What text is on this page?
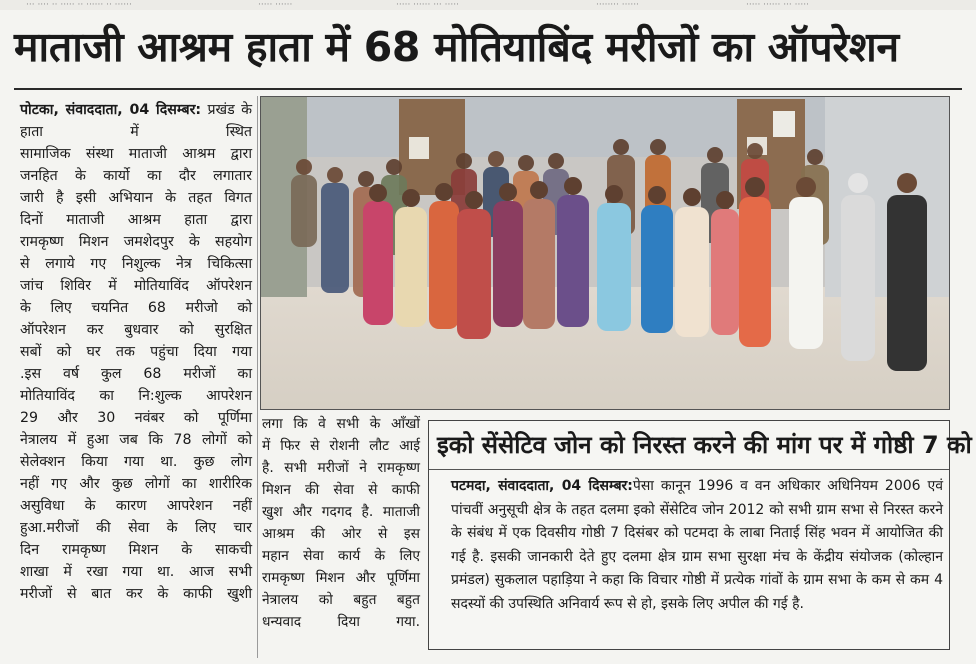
··· ···· ·· ····· ·· ······ ·· ······	····· ······	····· ······ ··· ·····	········ ······	····· ······ ··· ·····
माताजी आश्रम हाता में 68 मोतियाबिंद मरीजों का ऑपरेशन
पोटका, संवाददाता, 04 दिसम्बर: प्रखंड के हाता में स्थित
सामाजिक संस्था माताजी आश्रम द्वारा
जनहित के कार्यो का दौर लगातार
जारी है इसी अभियान के तहत विगत
दिनों माताजी आश्रम हाता द्वारा
रामकृष्ण मिशन जमशेदपुर के सहयोग
से लगाये गए निशुल्क नेत्र चिकित्सा
जांच शिविर में मोतियाविंद ऑपरेशन
के लिए चयनित 68 मरीजो को
ऑपरेशन कर बुधवार को सुरक्षित
सबों को घर तक पहुंचा दिया गया
.इस वर्ष कुल 68 मरीजों का
मोतियाविंद का नि:शुल्क आपरेशन
29 और 30 नवंबर को पूर्णिमा
नेत्रालय में हुआ जब कि 78 लोगों को
सेलेक्शन किया गया था. कुछ लोग
नहीं गए और कुछ लोगों का शारीरिक
असुविधा के कारण आपरेशन नहीं
हुआ.मरीजों की सेवा के लिए चार
दिन रामकृष्ण मिशन के साकची
शाखा में रखा गया था. आज सभी
मरीजों से बात कर के काफी खुशी
लगा कि वे सभी के आँखों
में फिर से रोशनी लौट आई
है. सभी मरीजों ने रामकृष्ण
मिशन की सेवा से काफी
खुश और गदगद है. माताजी
आश्रम की ओर से इस
महान सेवा कार्य के लिए
रामकृष्ण मिशन और पूर्णिमा
नेत्रालय को बहुत बहुत
धन्यवाद दिया गया.
इको सेंसेटिव जोन को निरस्त करने की मांग पर में गोष्ठी 7 को
पटमदा, संवाददाता, 04 दिसम्बर:पेसा कानून 1996 व वन अधिकार अधिनियम 2006 एवं पांचवीं अनुसूची क्षेत्र के तहत दलमा इको सेंसेटिव जोन 2012 को सभी ग्राम सभा से निरस्त करने के संबंध में एक दिवसीय गोष्ठी 7 दिसंबर को पटमदा के लाबा निताई सिंह भवन में आयोजित की गई है. इसकी जानकारी देते हुए दलमा क्षेत्र ग्राम सभा सुरक्षा मंच के केंद्रीय संयोजक (कोल्हान प्रमंडल) सुकलाल पहाड़िया ने कहा कि विचार गोष्ठी में प्रत्येक गांवों के ग्राम सभा के कम से कम 4 सदस्यों की उपस्थिति अनिवार्य रूप से हो, इसके लिए अपील की गई है.
